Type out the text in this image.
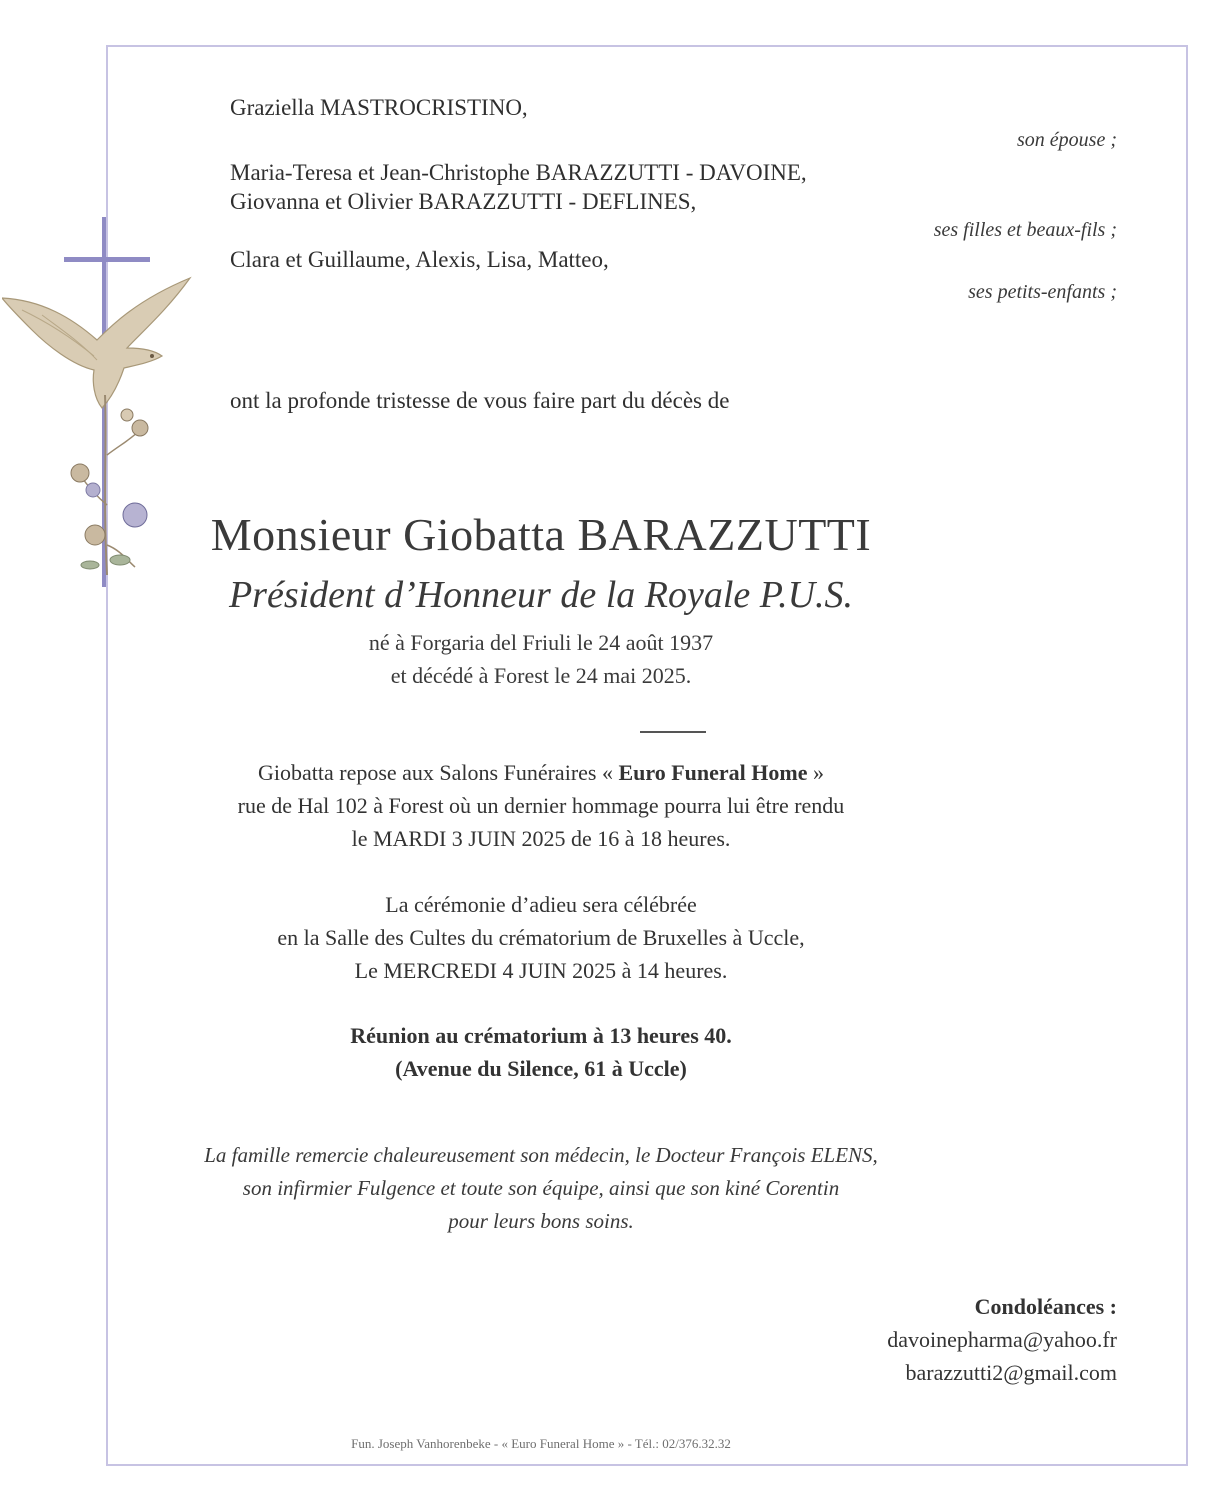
Graziella MASTROCRISTINO,
son épouse ;
Maria-Teresa et Jean-Christophe BARAZZUTTI - DAVOINE,
Giovanna et Olivier BARAZZUTTI - DEFLINES,
ses filles et beaux-fils ;
Clara et Guillaume, Alexis, Lisa, Matteo,
ses petits-enfants ;
ont la profonde tristesse de vous faire part du décès de
Monsieur Giobatta BARAZZUTTI
Président d’Honneur de la Royale P.U.S.
né à Forgaria del Friuli le 24 août 1937
et décédé à Forest le 24 mai 2025.
Giobatta repose aux Salons Funéraires « Euro Funeral Home »
rue de Hal 102 à Forest où un dernier hommage pourra lui être rendu
le MARDI 3 JUIN 2025 de 16 à 18 heures.
La cérémonie d’adieu sera célébrée
en la Salle des Cultes du crématorium de Bruxelles à Uccle,
Le MERCREDI 4 JUIN 2025 à 14 heures.
Réunion au crématorium à 13 heures 40.
(Avenue du Silence, 61 à Uccle)
La famille remercie chaleureusement son médecin, le Docteur François ELENS,
son infirmier Fulgence et toute son équipe, ainsi que son kiné Corentin
pour leurs bons soins.
Condoléances :
davoinepharma@yahoo.fr
barazzutti2@gmail.com
Fun. Joseph Vanhorenbeke - « Euro Funeral Home » - Tél.: 02/376.32.32
